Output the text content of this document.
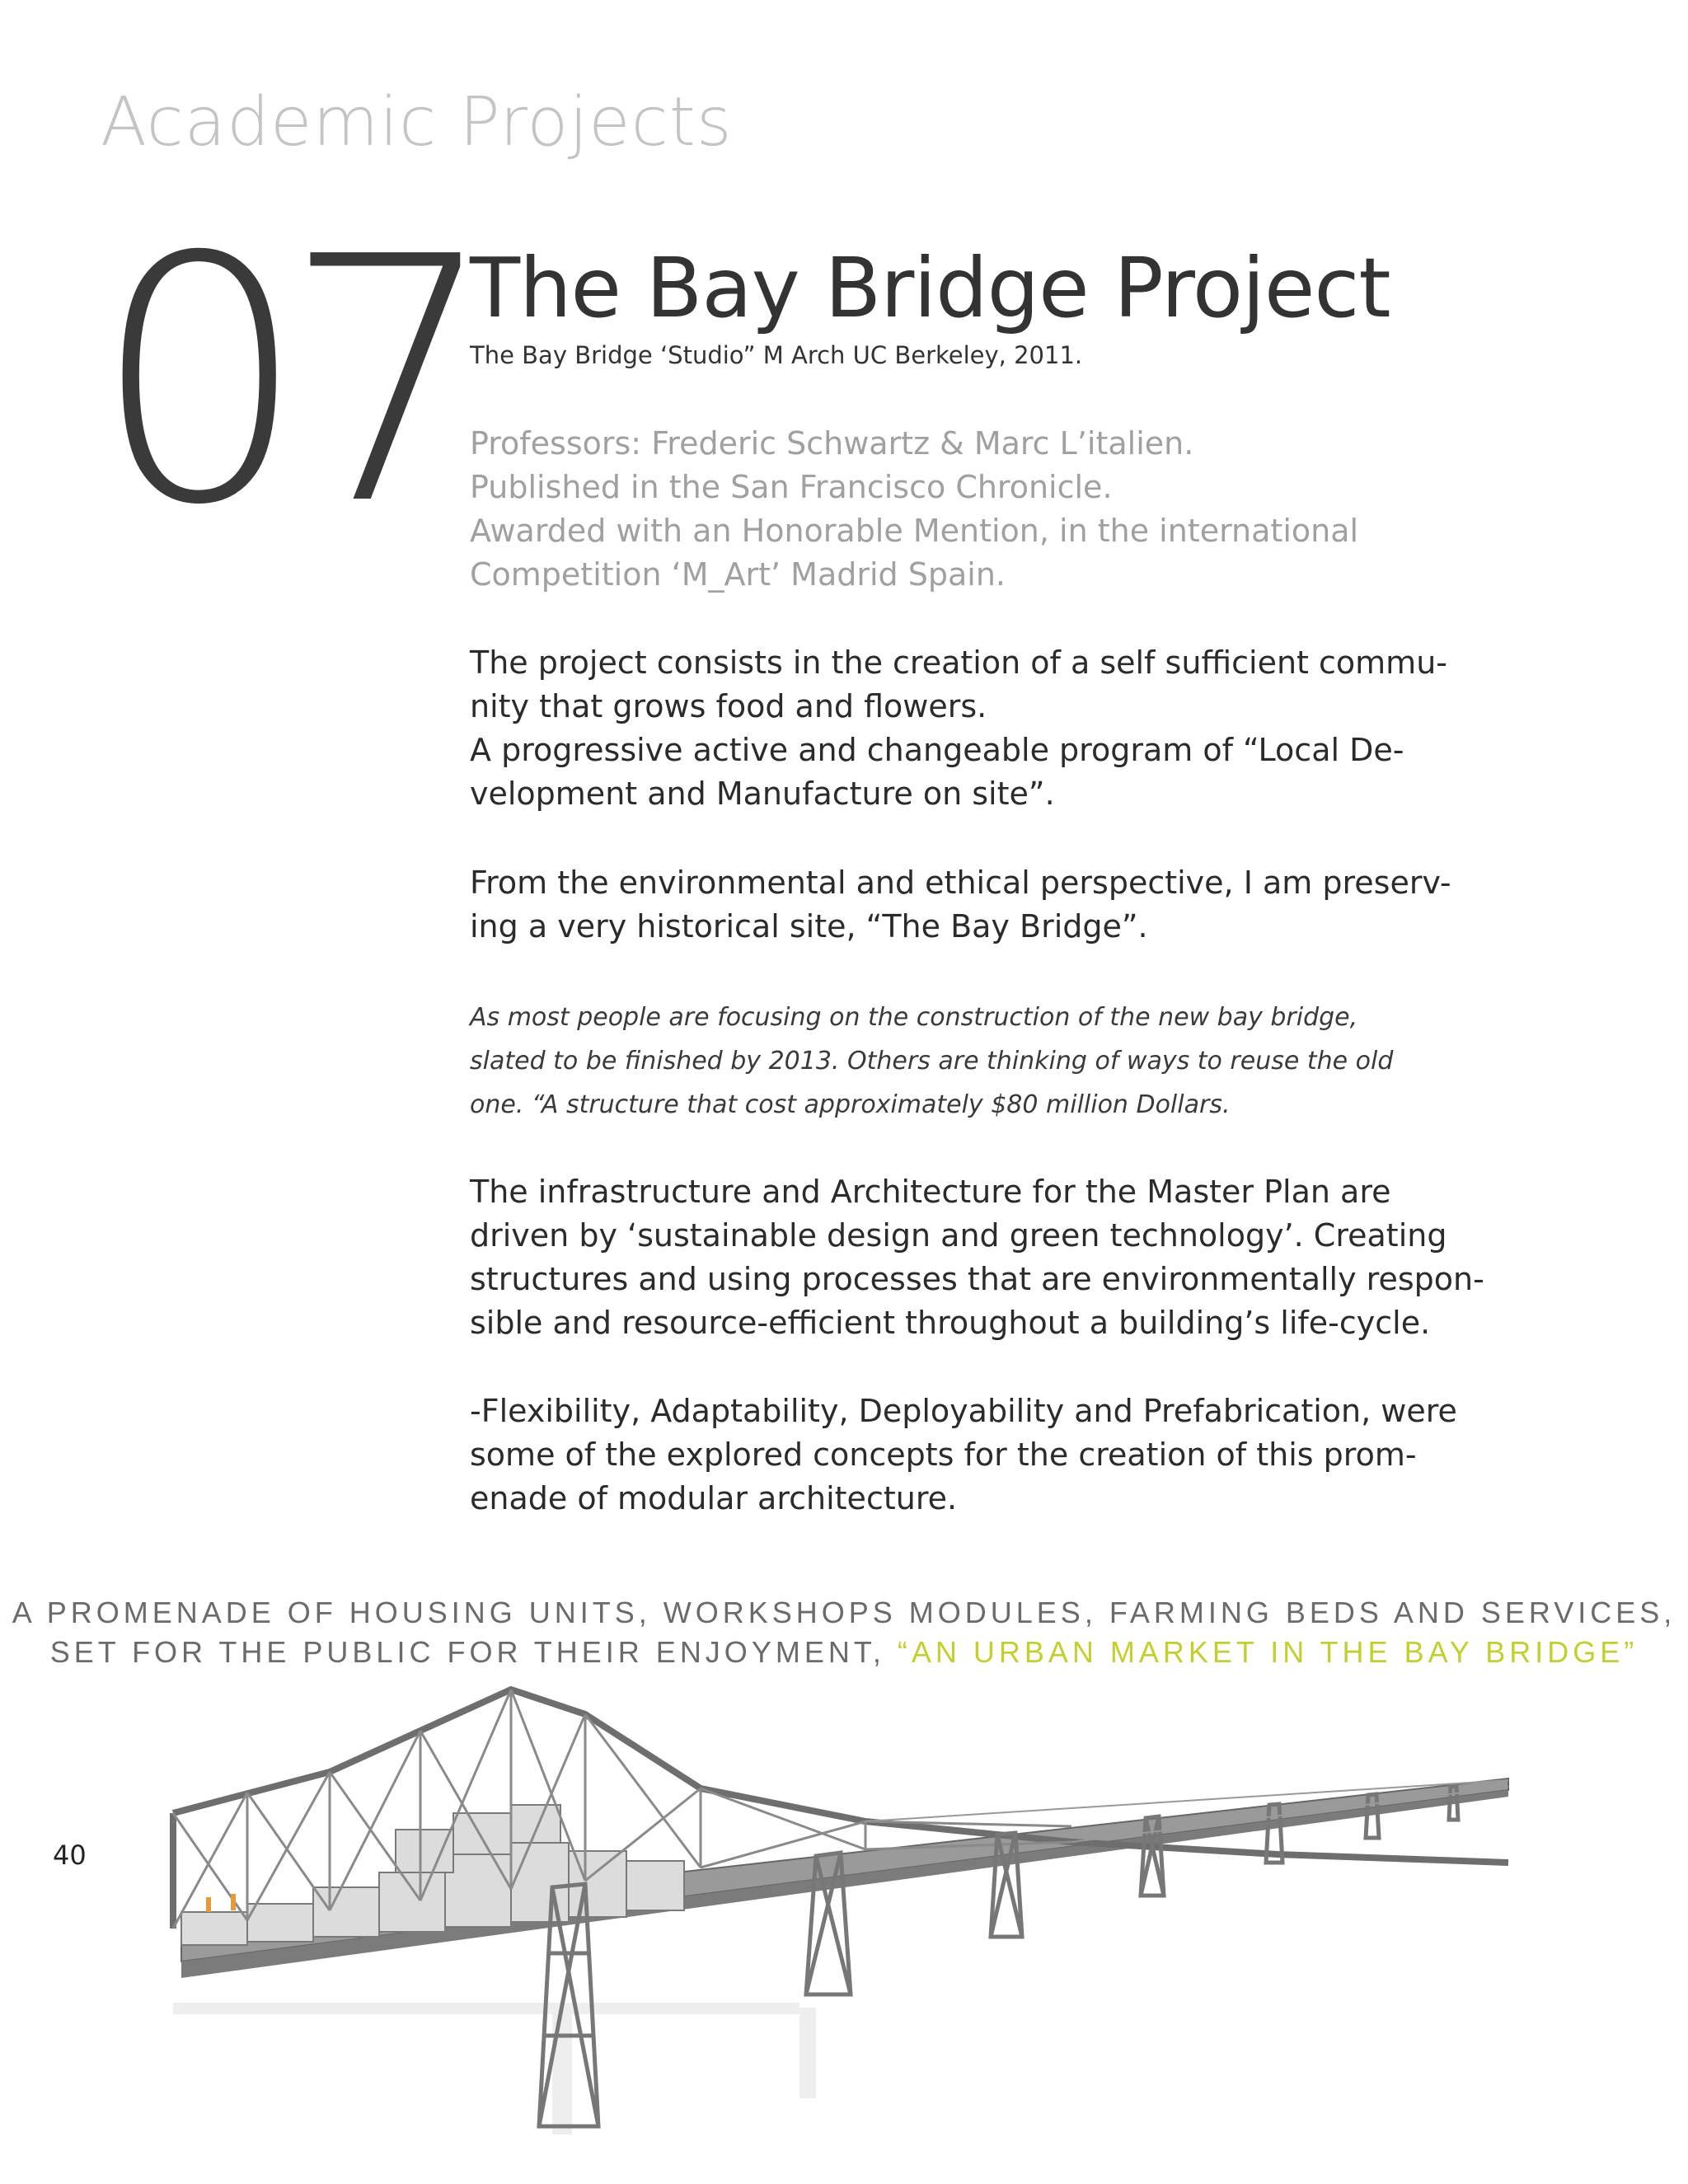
Academic Projects
07
The Bay Bridge Project
The Bay Bridge ‘Studio” M Arch UC Berkeley, 2011.
Professors: Frederic Schwartz & Marc L’italien.
Published in the San Francisco Chronicle.
Awarded with an Honorable Mention, in the international
Competition ‘M_Art’ Madrid Spain.
The project consists in the creation of a self sufficient commu-
nity that grows food and flowers.
A progressive active and changeable program of “Local De-
velopment and Manufacture on site”.
From the environmental and ethical perspective, I am preserv-
ing a very historical site, “The Bay Bridge”.
As most people are focusing on the construction of the new bay bridge,
slated to be finished by 2013. Others are thinking of ways to reuse the old
one. “A structure that cost approximately $80 million Dollars.
The infrastructure and Architecture for the Master Plan are
driven by ‘sustainable design and green technology’. Creating
structures and using processes that are environmentally respon-
sible and resource-efficient throughout a building’s life-cycle.
-Flexibility, Adaptability, Deployability and Prefabrication, were
some of the explored concepts for the creation of this prom-
enade of modular architecture.
A PROMENADE OF HOUSING UNITS, WORKSHOPS MODULES, FARMING BEDS AND SERVICES,
SET FOR THE PUBLIC FOR THEIR ENJOYMENT, “AN URBAN MARKET IN THE BAY BRIDGE”
40
